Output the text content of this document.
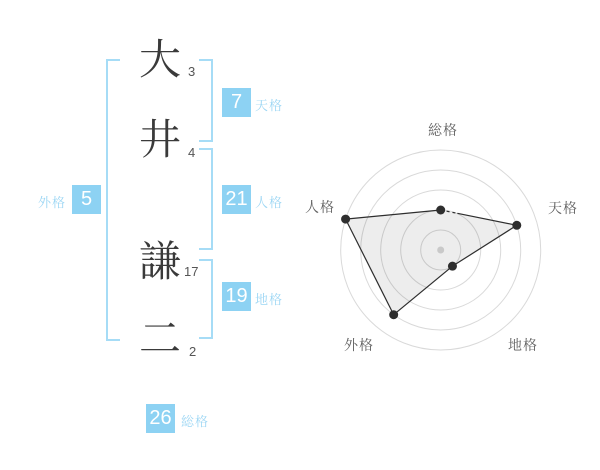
大
井
謙
二
3
4
17
2
7 天格
21 人格
19 地格
外格 5
26 総格
総格
天格
地格
外格
人格
